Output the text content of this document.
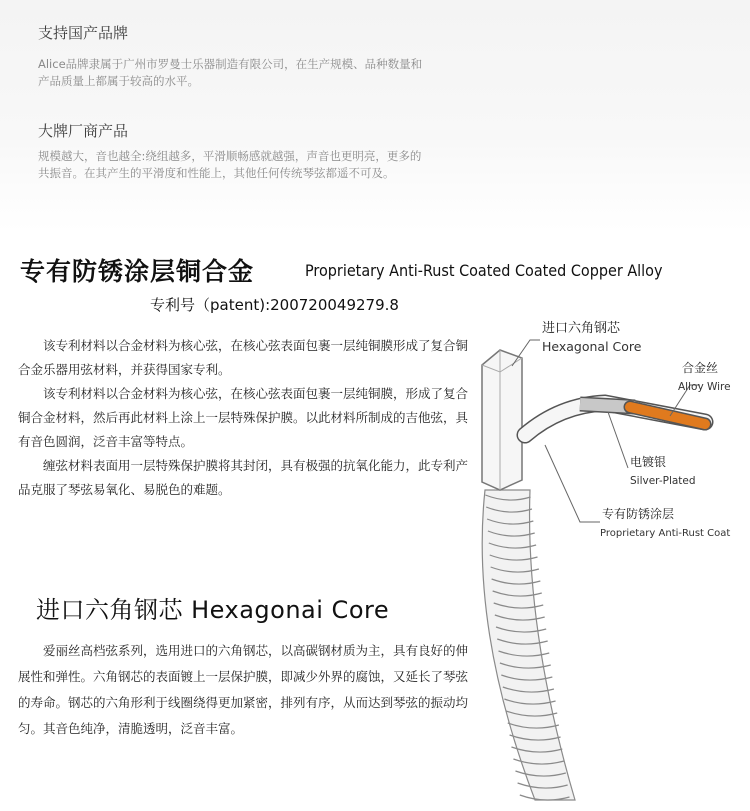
支持国产品牌
Alice品牌隶属于广州市罗曼士乐器制造有限公司，在生产规模、品种数量和产品质量上都属于较高的水平。
大牌厂商产品
规模越大，音也越全:绕组越多，平滑顺畅感就越强，声音也更明亮，更多的共振音。在其产生的平滑度和性能上，其他任何传统琴弦都遥不可及。
专有防锈涂层铜合金	Proprietary Anti-Rust Coated Coated Copper Alloy
专利号（patent):200720049279.8

该专利材料以合金材料为核心弦，在核心弦表面包裹一层纯铜膜形成了复合铜合金乐器用弦材料，并获得国家专利。

该专利材料以合金材料为核心弦，在核心弦表面包裹一层纯铜膜，形成了复合铜合金材料，然后再此材料上涂上一层特殊保护膜。以此材料所制成的吉他弦，具有音色圆润，泛音丰富等特点。

缠弦材料表面用一层特殊保护膜将其封闭，具有极强的抗氧化能力，此专利产品克服了琴弦易氧化、易脱色的难题。

进口六角钢芯 Hexagonai Core

爱丽丝高档弦系列，选用进口的六角钢芯，以高碳钢材质为主，具有良好的伸展性和弹性。六角钢芯的表面镀上一层保护膜，即减少外界的腐蚀，又延长了琴弦的寿命。钢芯的六角形利于线圈绕得更加紧密，排列有序，从而达到琴弦的振动均匀。其音色纯净，清脆透明，泛音丰富。

进口六角钢芯
Hexagonal Core
合金丝
Alloy Wire
电镀银
Silver-Plated
专有防锈涂层
Proprietary Anti-Rust Coat
